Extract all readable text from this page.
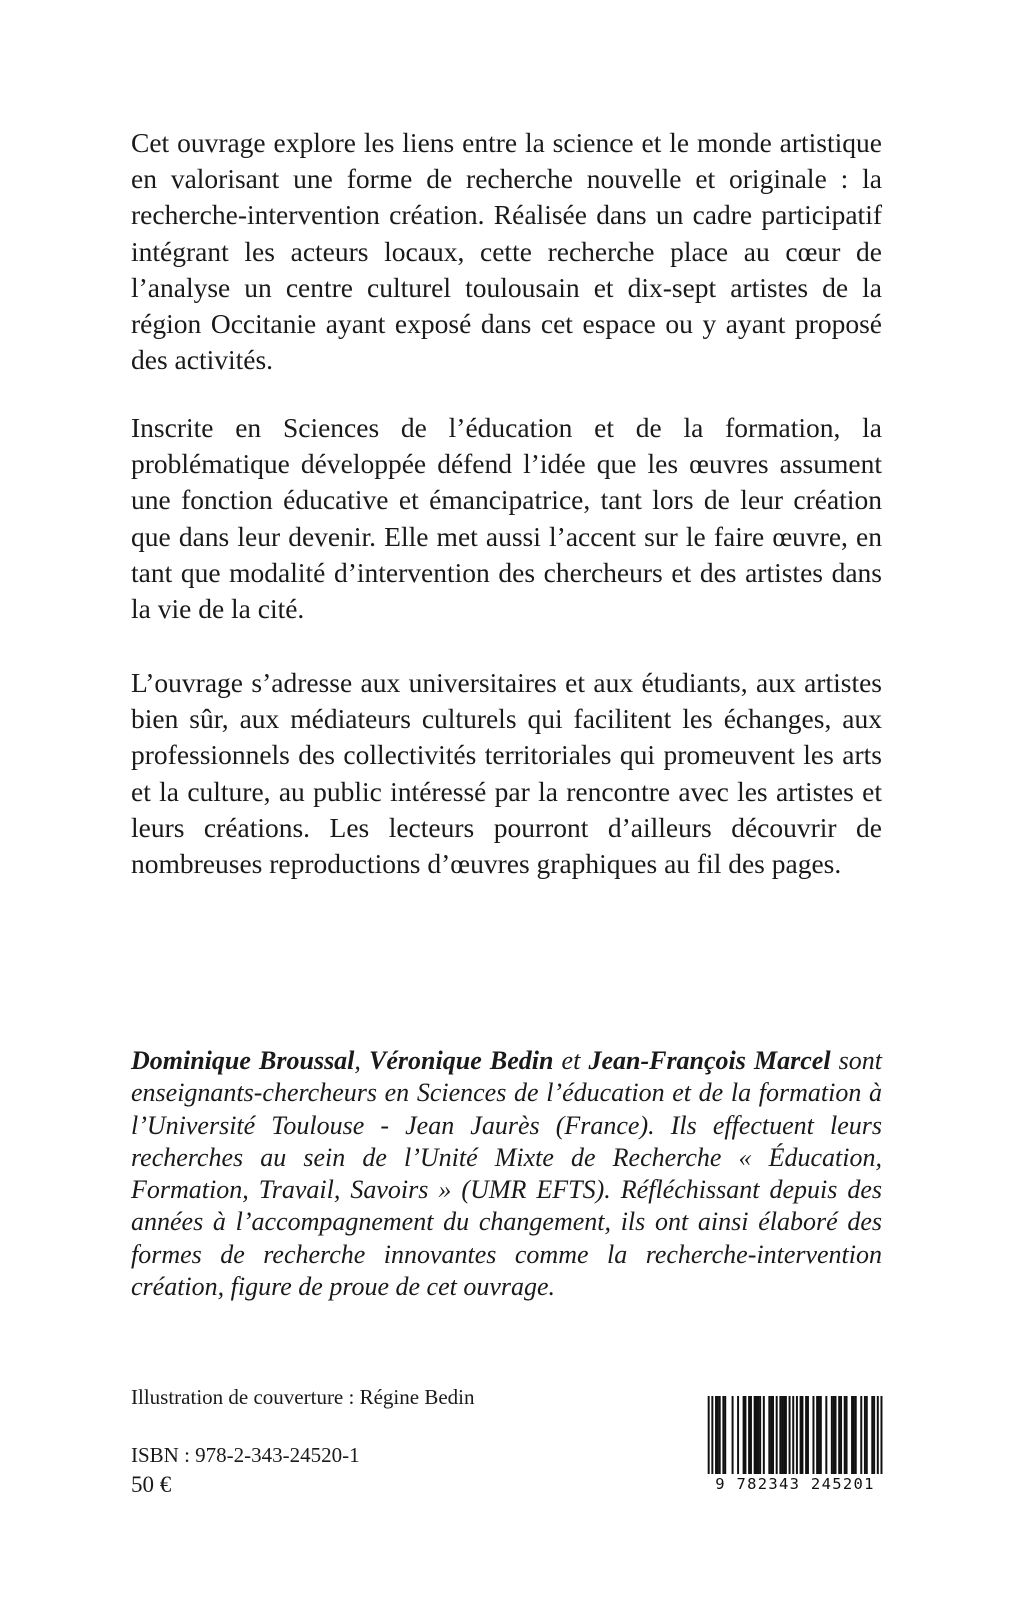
Cet ouvrage explore les liens entre la science et le monde artistique en valorisant une forme de recherche nouvelle et originale : la recherche-intervention création. Réalisée dans un cadre participatif intégrant les acteurs locaux, cette recherche place au cœur de l’analyse un centre culturel toulousain et dix-sept artistes de la région Occitanie ayant exposé dans cet espace ou y ayant proposé des activités.

Inscrite en Sciences de l’éducation et de la formation, la problématique développée défend l’idée que les œuvres assument une fonction éducative et émancipatrice, tant lors de leur création que dans leur devenir. Elle met aussi l’accent sur le faire œuvre, en tant que modalité d’intervention des chercheurs et des artistes dans la vie de la cité.

L’ouvrage s’adresse aux universitaires et aux étudiants, aux artistes bien sûr, aux médiateurs culturels qui facilitent les échanges, aux professionnels des collectivités territoriales qui promeuvent les arts et la culture, au public intéressé par la rencontre avec les artistes et leurs créations. Les lecteurs pourront d’ailleurs découvrir de nombreuses reproductions d’œuvres graphiques au fil des pages.

Dominique Broussal, Véronique Bedin et Jean-François Marcel sont enseignants-chercheurs en Sciences de l’éducation et de la formation à l’Université Toulouse - Jean Jaurès (France). Ils effectuent leurs recherches au sein de l’Unité Mixte de Recherche « Éducation, Formation, Travail, Savoirs » (UMR EFTS). Réfléchissant depuis des années à l’accompagnement du changement, ils ont ainsi élaboré des formes de recherche innovantes comme la recherche-intervention création, figure de proue de cet ouvrage.

Illustration de couverture : Régine Bedin

ISBN : 978-2-343-24520-1

50 €	9 782343 245201
